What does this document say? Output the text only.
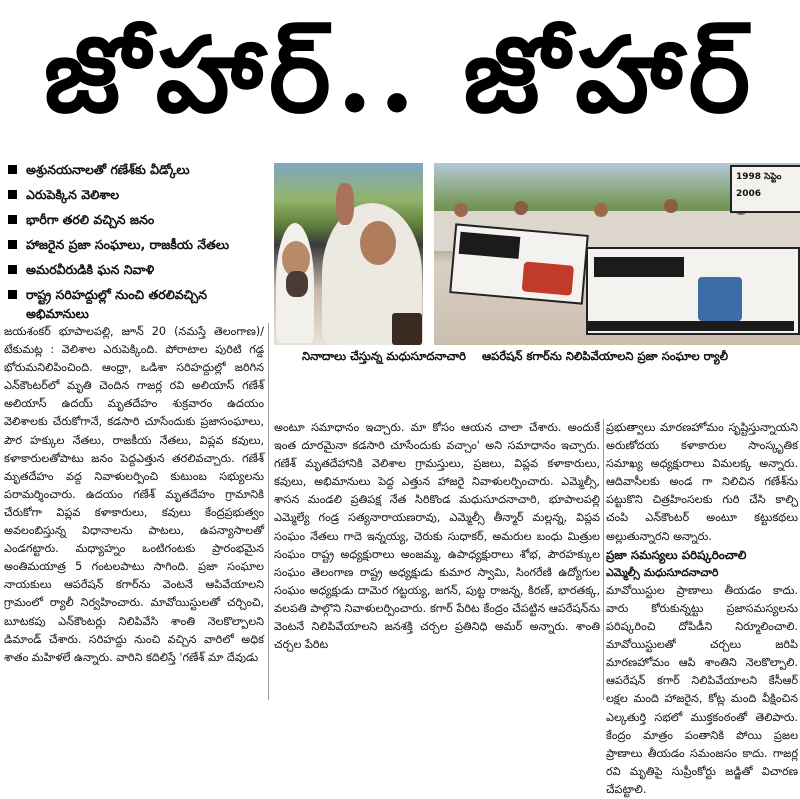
జోహార్.. జోహార్
అశ్రునయనాలతో గణేశ్‌కు వీడ్కోలు
ఎరుపెక్కిన వెలిశాల
భారీగా తరలి వచ్చిన జనం
హాజరైన ప్రజా సంఘాలు, రాజకీయ నేతలు
అమరవీరుడికి ఘన నివాళి
రాష్ట్ర సరిహద్దుల్లో నుంచి తరలివచ్చిన అభిమానులు
1998 సెప్టెం
2006
నినాదాలు చేస్తున్న మధుసూదనాచారి ఆపరేషన్ కగార్‌ను నిలిపివేయాలని ప్రజా సంఘాల ర్యాలీ

జయశంకర్ భూపాలపల్లి, జూన్ 20 (నమస్తే తెలంగాణ)/టేకుమట్ల : వెలిశాల ఎరుపెక్కింది. పోరాటాల పురిటి గడ్డ భోరుమనిలిపించింది. ఆంధ్రా, ఒడిశా సరిహద్దుల్లో జరిగిన ఎన్‌కౌంటర్‌లో మృతి చెందిన గాజర్ల రవి అలియాస్ గణేశ్ అలియాస్ ఉదయ్ మృతదేహం శుక్రవారం ఉదయం వెలిశాలకు చేరుకోగానే, కడసారి చూసేందుకు ప్రజాసంఘాలు, పౌర హక్కుల నేతలు, రాజకీయ నేతలు, విప్లవ కవులు, కళాకారులతోపాటు జనం పెద్దఎత్తున తరలివచ్చారు. గణేశ్ మృతదేహం వద్ద నివాళులర్పించి కుటుంబ సభ్యులను పరామర్శించారు. ఉదయం గణేశ్ మృతదేహం గ్రామానికి చేరుకోగా విప్లవ కళాకారులు, కవులు కేంద్రప్రభుత్వం అవలంబిస్తున్న విధానాలను పాటలు, ఉపన్యాసాలతో ఎండగట్టారు. మధ్యాహ్నం ఒంటిగంటకు ప్రారంభమైన అంతిమయాత్ర 5 గంటలపాటు సాగింది. ప్రజా సంఘాల నాయకులు ఆపరేషన్ కగార్‌ను వెంటనే ఆపివేయాలని గ్రామంలో ర్యాలీ నిర్వహించారు. మావోయిస్టులతో చర్చించి, బూటకపు ఎన్‌కౌంటర్లు నిలిపివేసి శాంతి నెలకొల్పాలని డిమాండ్ చేశారు. సరిహద్దు నుంచి వచ్చిన వారిలో అధిక శాతం మహిళలే ఉన్నారు. వారిని కదిలిస్తే 'గణేశ్ మా దేవుడు

అంటూ సమాధానం ఇచ్చారు. మా కోసం ఆయన చాలా చేశారు. అందుకే ఇంత దూరమైనా కడసారి చూసేందుకు వచ్చాం' అని సమాధానం ఇచ్చారు. గణేశ్ మృతదేహానికి వెలిశాల గ్రామస్తులు, ప్రజలు, విప్లవ కళాకారులు, కవులు, అభిమానులు పెద్ద ఎత్తున హాజరై నివాళులర్పించారు. ఎమ్మెల్సీ, శాసన మండలి ప్రతిపక్ష నేత సిరికొండ మధుసూదనాచారి, భూపాలపల్లి ఎమ్మెల్యే గండ్ర సత్యనారాయణరావు, ఎమ్మెల్సీ తీన్మార్ మల్లన్న, విప్లవ సంఘం నేతలు గాదె ఇన్నయ్య, చెరుకు సుధాకర్, అమరుల బంధు మిత్రుల సంఘం రాష్ట్ర అధ్యక్షురాలు అంజమ్మ, ఉపాధ్యక్షురాలు శోభ, పౌరహక్కుల సంఘం తెలంగాణ రాష్ట్ర అధ్యక్షుడు కుమార స్వామి, సింగరేణి ఉద్యోగుల సంఘం అధ్యక్షుడు దామెర గట్టయ్య, జగన్, పుట్ట రాజన్న, కిరణ్, భారతక్క, వలపతి పాల్గొని నివాళులర్పించారు. కగార్ పేరిట కేంద్రం చేపట్టిన ఆపరేషన్‌ను వెంటనే నిలిపివేయాలని జనశక్తి చర్చల ప్రతినిధి అమర్ అన్నారు. శాంతి చర్చల పేరిట

ప్రభుత్వాలు మారణహోమం సృష్టిస్తున్నాయని అరుణోదయ కళాకారుల సాంస్కృతిక సమాఖ్య అధ్యక్షురాలు విమలక్క అన్నారు. ఆదివాసీలకు అండ గా నిలిచిన గణేశ్‌ను పట్టుకొని చిత్రహింసలకు గురి చేసి కాల్చి చంపి ఎన్‌కౌంటర్ అంటూ కట్టుకథలు అల్లుతున్నారని అన్నారు.

ప్రజా సమస్యలు పరిష్కరించాలి

ఎమ్మెల్సీ మధుసూదనాచారి

మావోయిస్టుల ప్రాణాలు తీయడం కాదు. వారు కోరుకున్నట్టు ప్రజాసమస్యలను పరిష్కరించి దోపిడీని నిర్మూలించాలి. మావోయిస్టులతో చర్చలు జరిపి మారణహోమం ఆపి శాంతిని నెలకొల్పాలి. ఆపరేషన్ కగార్ నిలిపివేయాలని కేసీఆర్ లక్షల మంది హాజరైన, కోట్ల మంది వీక్షించిన ఎల్కతుర్తి సభలో ముక్తకంఠంతో తెలిపారు. కేంద్రం మాత్రం పంతానికి పోయి ప్రజల ప్రాణాలు తీయడం సమంజసం కాదు. గాజర్ల రవి మృతిపై సుప్రీంకోర్టు జడ్జితో విచారణ చేపట్టాలి.
